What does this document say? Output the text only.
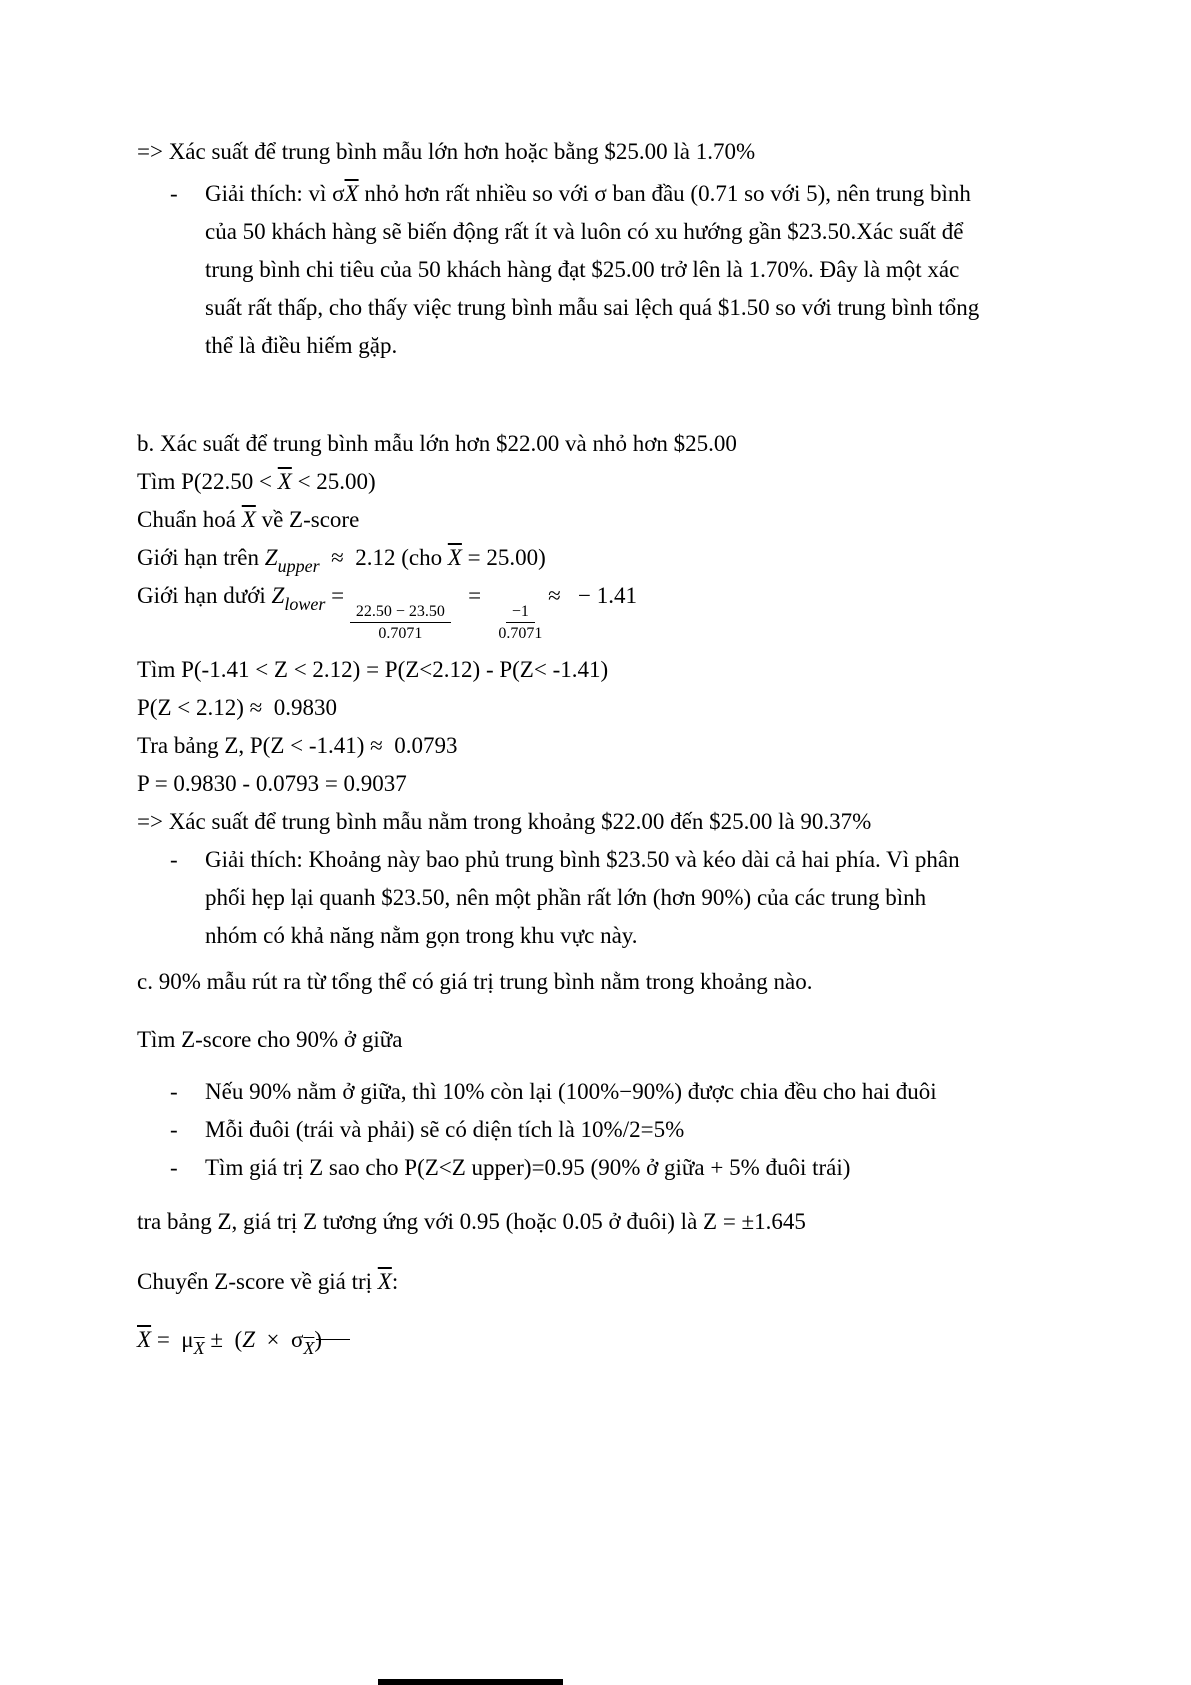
=> Xác suất để trung bình mẫu lớn hơn hoặc bằng $25.00 là 1.70%

-	Giải thích: vì $\sigma\overline{X}$ nhỏ hơn rất nhiều so với σ ban đầu (0.71 so với 5), nên trung bình của 50 khách hàng sẽ biến động rất ít và luôn có xu hướng gần $23.50.Xác suất để trung bình chi tiêu của 50 khách hàng đạt $25.00 trở lên là 1.70%. Đây là một xác suất rất thấp, cho thấy việc trung bình mẫu sai lệch quá $1.50 so với trung bình tổng thể là điều hiếm gặp.

b. Xác suất để trung bình mẫu lớn hơn $22.00 và nhỏ hơn $25.00

Tìm $P(22.50 < \overline{X} < 25.00)$

Chuẩn hoá $\overline{X}$ về Z-score

Giới hạn trên $Z_{upper} \approx 2.12$ (cho $\overline{X} = 25.00$)

Giới hạn dưới $Z_{lower}$ =
$\frac{22.50 - 23.50}{0.7071}$
=
$\frac{-1}{0.7071}$
≈   − 1.41

Tìm P(-1.41 < Z < 2.12) = P(Z<2.12) - P(Z< -1.41)

P(Z < 2.12) ≈  0.9830

Tra bảng Z, P(Z < -1.41) ≈  0.0793

P = 0.9830 - 0.0793 = 0.9037

=> Xác suất để trung bình mẫu nằm trong khoảng $22.00 đến $25.00 là 90.37%

-	Giải thích: Khoảng này bao phủ trung bình $23.50 và kéo dài cả hai phía. Vì phân phối hẹp lại quanh $23.50, nên một phần rất lớn (hơn 90%) của các trung bình nhóm có khả năng nằm gọn trong khu vực này.

c. 90% mẫu rút ra từ tổng thể có giá trị trung bình nằm trong khoảng nào.

Tìm Z-score cho 90% ở giữa

-	Nếu 90% nằm ở giữa, thì 10% còn lại (100%−90%) được chia đều cho hai đuôi

-	Mỗi đuôi (trái và phải) sẽ có diện tích là 10%/2=5%

-	Tìm giá trị Z sao cho P(Z<Z upper)=0.95 (90% ở giữa + 5% đuôi trái)

tra bảng Z, giá trị Z tương ứng với 0.95 (hoặc 0.05 ở đuôi) là Z = ±1.645

Chuyển Z-score về giá trị $\overline{X}$:

$\overline{X} = \mu_{\overline{X}} \pm (Z \times \sigma_{\overline{X}})$
